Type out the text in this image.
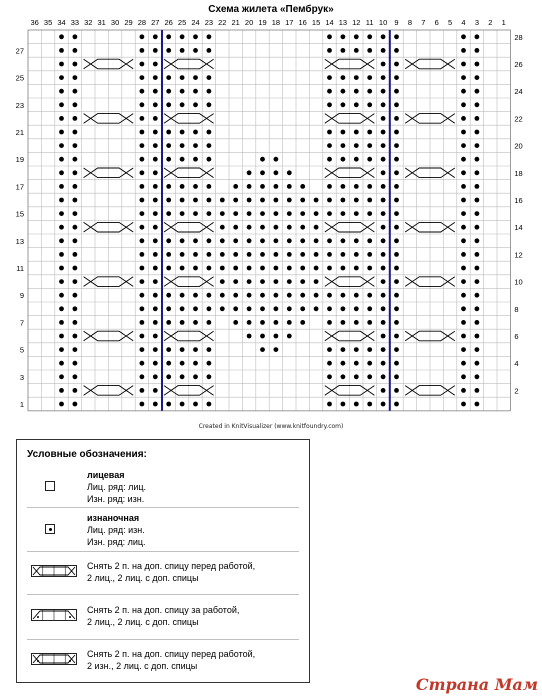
Схема жилета «Пембрук»
36 35 34 33 32 31 30 29 28 27 26 25 24 23 22 21 20 19 18 17 16 15 14 13 12 11 10 9 8 7 6 5 4 3 2 1
27
25
23
21
19
17
15
13
11
9
7
5
3
1
28
26
24
22
20
18
16
14
12
10
8
6
4
2
Created in KnitVisualizer (www.knitfoundry.com)
Условные обозначения:
лицевая
Лиц. ряд: лиц.
Изн. ряд: изн.
изнаночная
Лиц. ряд: изн.
Изн. ряд: лиц.
Снять 2 п. на доп. спицу перед работой,
2 лиц., 2 лиц. с доп. спицы
Снять 2 п. на доп. спицу за работой,
2 лиц., 2 лиц. с доп. спицы
Снять 2 п. на доп. спицу перед работой,
2 изн., 2 лиц. с доп. спицы
Страна Мам
